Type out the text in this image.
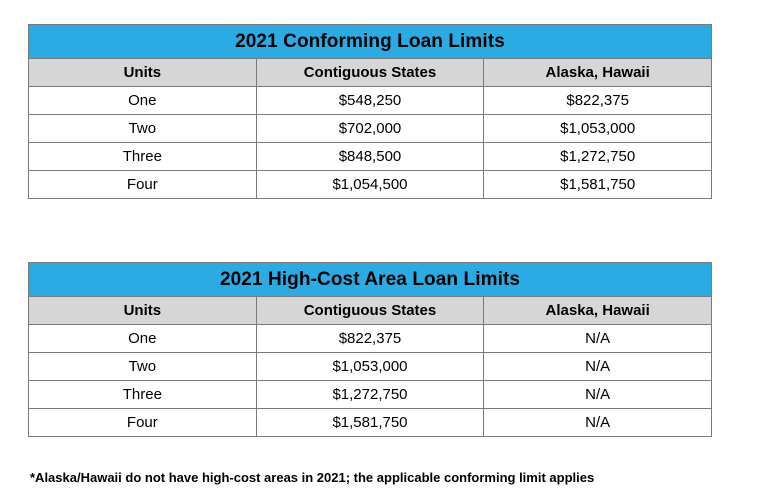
2021 Conforming Loan Limits		
Units	Contiguous States	Alaska, Hawaii
One	$548,250	$822,375
Two	$702,000	$1,053,000
Three	$848,500	$1,272,750
Four	$1,054,500	$1,581,750
2021 High-Cost Area Loan Limits		
Units	Contiguous States	Alaska, Hawaii
One	$822,375	N/A
Two	$1,053,000	N/A
Three	$1,272,750	N/A
Four	$1,581,750	N/A
*Alaska/Hawaii do not have high-cost areas in 2021; the applicable conforming limit applies
